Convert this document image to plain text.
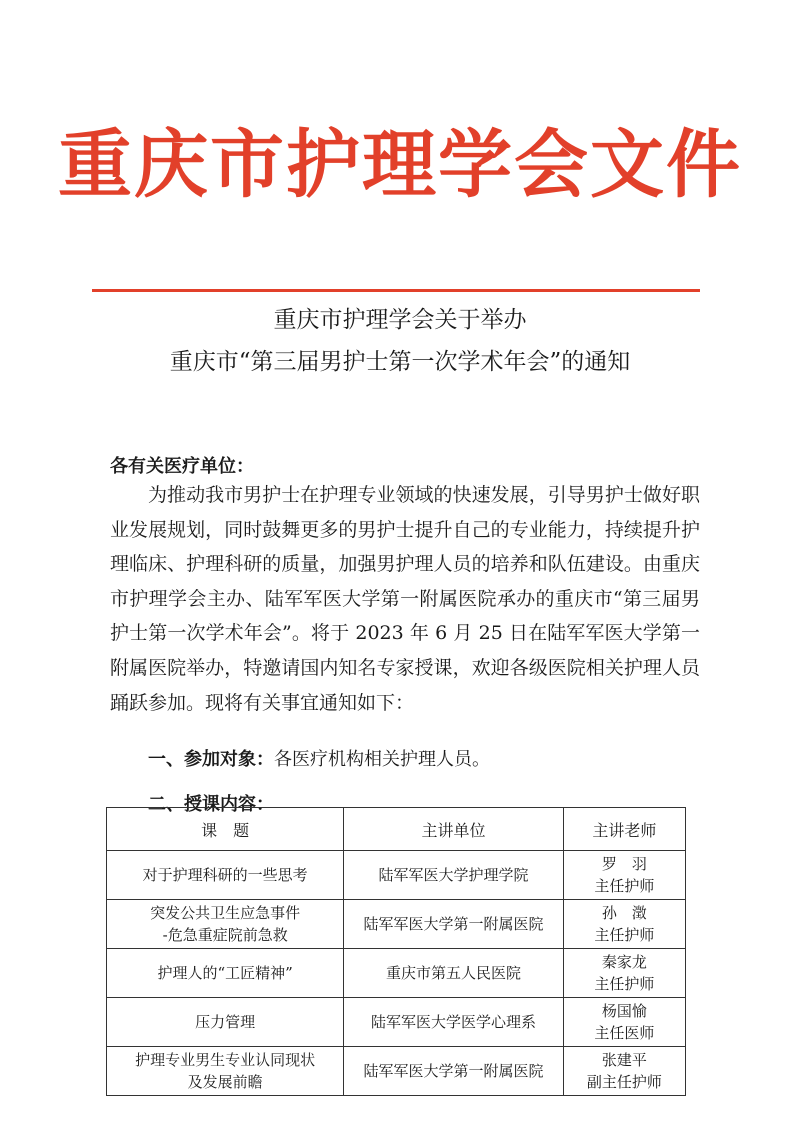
重庆市护理学会文件
重庆市护理学会关于举办
重庆市“第三届男护士第一次学术年会”的通知
各有关医疗单位：

为推动我市男护士在护理专业领域的快速发展，引导男护士做好职业发展规划，同时鼓舞更多的男护士提升自己的专业能力，持续提升护理临床、护理科研的质量，加强男护理人员的培养和队伍建设。由重庆市护理学会主办、陆军军医大学第一附属医院承办的重庆市“第三届男护士第一次学术年会”。将于 2023 年 6 月 25 日在陆军军医大学第一附属医院举办，特邀请国内知名专家授课，欢迎各级医院相关护理人员踊跃参加。现将有关事宜通知如下：

一、参加对象：各医疗机构相关护理人员。
二、授课内容：
课　题	主讲单位	主讲老师
对于护理科研的一些思考	陆军军医大学护理学院	罗　羽
主任护师
突发公共卫生应急事件
-危急重症院前急救	陆军军医大学第一附属医院	孙　澂
主任护师
护理人的“工匠精神”	重庆市第五人民医院	秦家龙
主任护师
压力管理	陆军军医大学医学心理系	杨国愉
主任医师
护理专业男生专业认同现状
及发展前瞻	陆军军医大学第一附属医院	张建平
副主任护师
